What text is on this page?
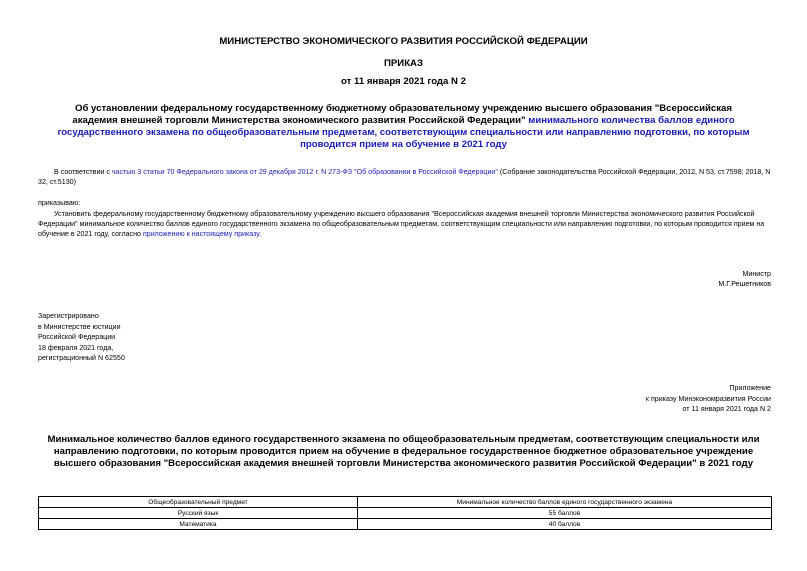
МИНИСТЕРСТВО ЭКОНОМИЧЕСКОГО РАЗВИТИЯ РОССИЙСКОЙ ФЕДЕРАЦИИ
ПРИКАЗ
от 11 января 2021 года N 2
Об установлении федеральному государственному бюджетному образовательному учреждению высшего образования "Всероссийская академия внешней торговли Министерства экономического развития Российской Федерации" минимального количества баллов единого государственного экзамена по общеобразовательным предметам, соответствующим специальности или направлению подготовки, по которым проводится прием на обучение в 2021 году
В соответствии с частью 3 статьи 70 Федерального закона от 29 декабря 2012 г. N 273-ФЗ "Об образовании в Российской Федерации" (Собрание законодательства Российской Федерации, 2012, N 53, ст.7598; 2018, N 32, ст.5130)
приказываю:
Установить федеральному государственному бюджетному образовательному учреждению высшего образования "Всероссийская академия внешней торговли Министерства экономического развития Российской Федерации" минимальное количество баллов единого государственного экзамена по общеобразовательным предметам, соответствующим специальности или направлению подготовки, по которым проводится прием на обучение в 2021 году, согласно приложению к настоящему приказу.
Министр
М.Г.Решетников
Зарегистрировано
в Министерстве юстиции
Российской Федерации
18 февраля 2021 года,
регистрационный N 62550
Приложение
к приказу Минэкономразвития России
от 11 января 2021 года N 2
Минимальное количество баллов единого государственного экзамена по общеобразовательным предметам, соответствующим специальности или направлению подготовки, по которым проводится прием на обучение в федеральное государственное бюджетное образовательное учреждение высшего образования "Всероссийская академия внешней торговли Министерства экономического развития Российской Федерации" в 2021 году
Общеобразовательный предмет	Минимальное количество баллов единого государственного экзамена
Русский язык	55 баллов
Математика	40 баллов
